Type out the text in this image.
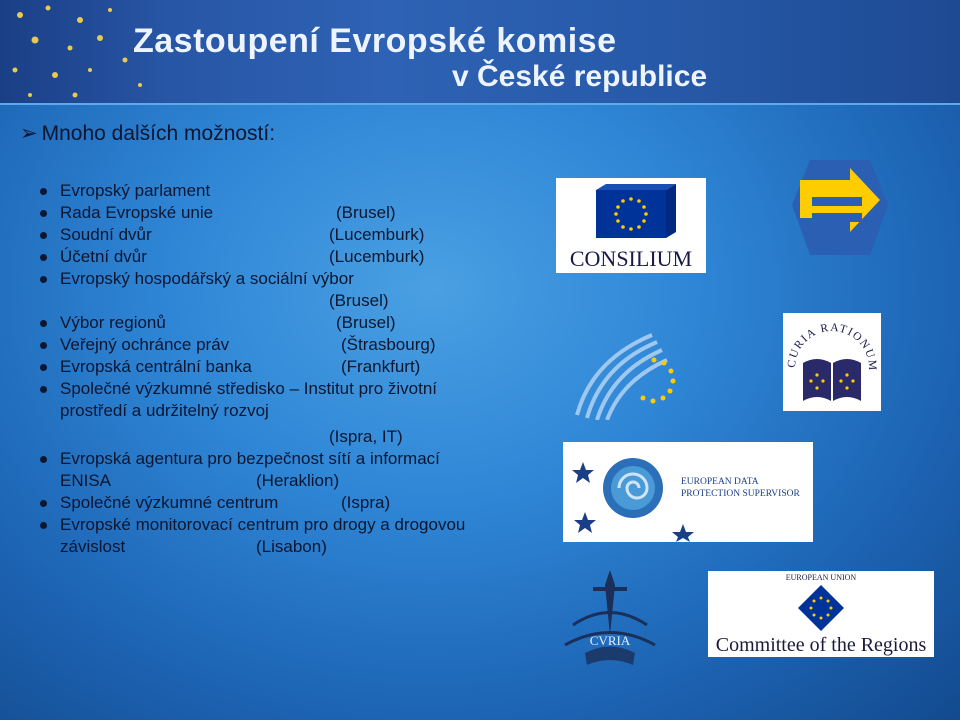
Zastoupení Evropské komise
v České republice
➢ Mnoho dalších možností:
Evropský parlament
Rada Evropské unie	(Brusel)
Soudní dvůr	(Lucemburk)
Účetní dvůr	(Lucemburk)
Evropský hospodářský a sociální výbor
(Brusel)
Výbor regionů	(Brusel)
Veřejný ochránce práv	(Štrasbourg)
Evropská centrální banka	(Frankfurt)
Společné výzkumné středisko – Institut pro životní
prostředí a udržitelný rozvoj
(Ispra, IT)
Evropská agentura pro bezpečnost sítí a informací
ENISA	(Heraklion)
Společné výzkumné centrum	(Ispra)
Evropské monitorovací centrum pro drogy a drogovou
závislost	(Lisabon)
CONSILIUM
CURIA RATIONUM
EUROPEAN DATA
PROTECTION SUPERVISOR
CVRIA
EUROPEAN UNION
Committee of the Regions
